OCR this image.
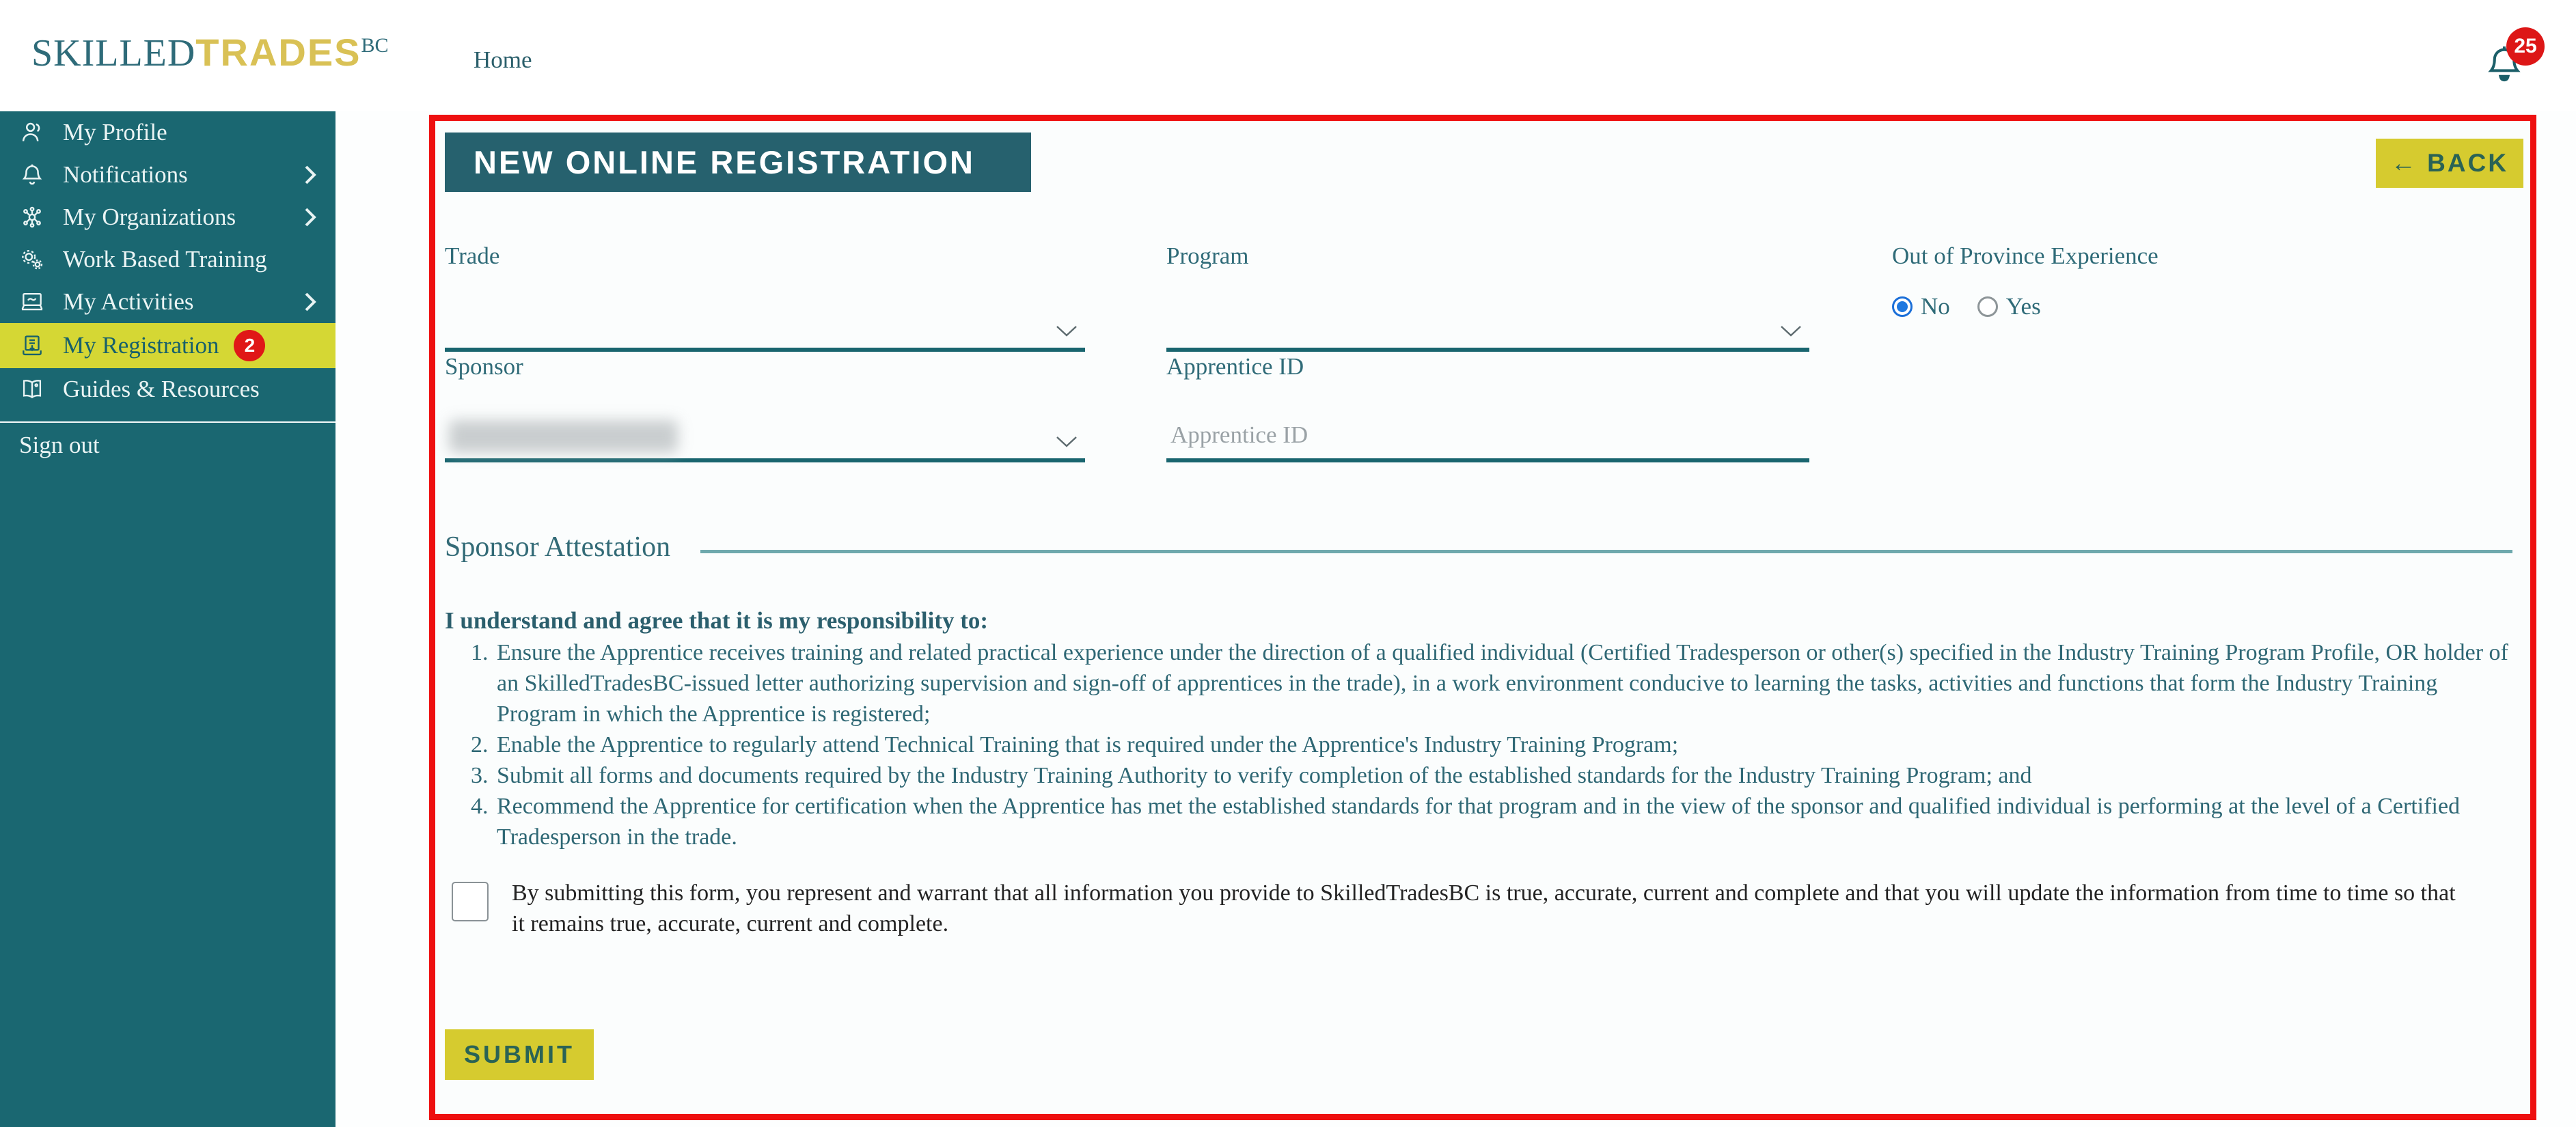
SKILLEDTRADESBC
Home
25
My Profile
Notifications
My Organizations
Work Based Training
My Activities
My Registration	2
Guides & Resources
Sign out
NEW ONLINE REGISTRATION	← BACK
Trade	Program	Out of Province Experience
No Yes
Sponsor	Apprentice ID
Apprentice ID
Sponsor Attestation
I understand and agree that it is my responsibility to:
1. Ensure the Apprentice receives training and related practical experience under the direction of a qualified individual (Certified Tradesperson or other(s) specified in the Industry Training Program Profile, OR holder of an SkilledTradesBC-issued letter authorizing supervision and sign-off of apprentices in the trade), in a work environment conducive to learning the tasks, activities and functions that form the Industry Training Program in which the Apprentice is registered;
2. Enable the Apprentice to regularly attend Technical Training that is required under the Apprentice's Industry Training Program;
3. Submit all forms and documents required by the Industry Training Authority to verify completion of the established standards for the Industry Training Program; and
4. Recommend the Apprentice for certification when the Apprentice has met the established standards for that program and in the view of the sponsor and qualified individual is performing at the level of a Certified Tradesperson in the trade.
By submitting this form, you represent and warrant that all information you provide to SkilledTradesBC is true, accurate, current and complete and that you will update the information from time to time so that it remains true, accurate, current and complete.
SUBMIT
